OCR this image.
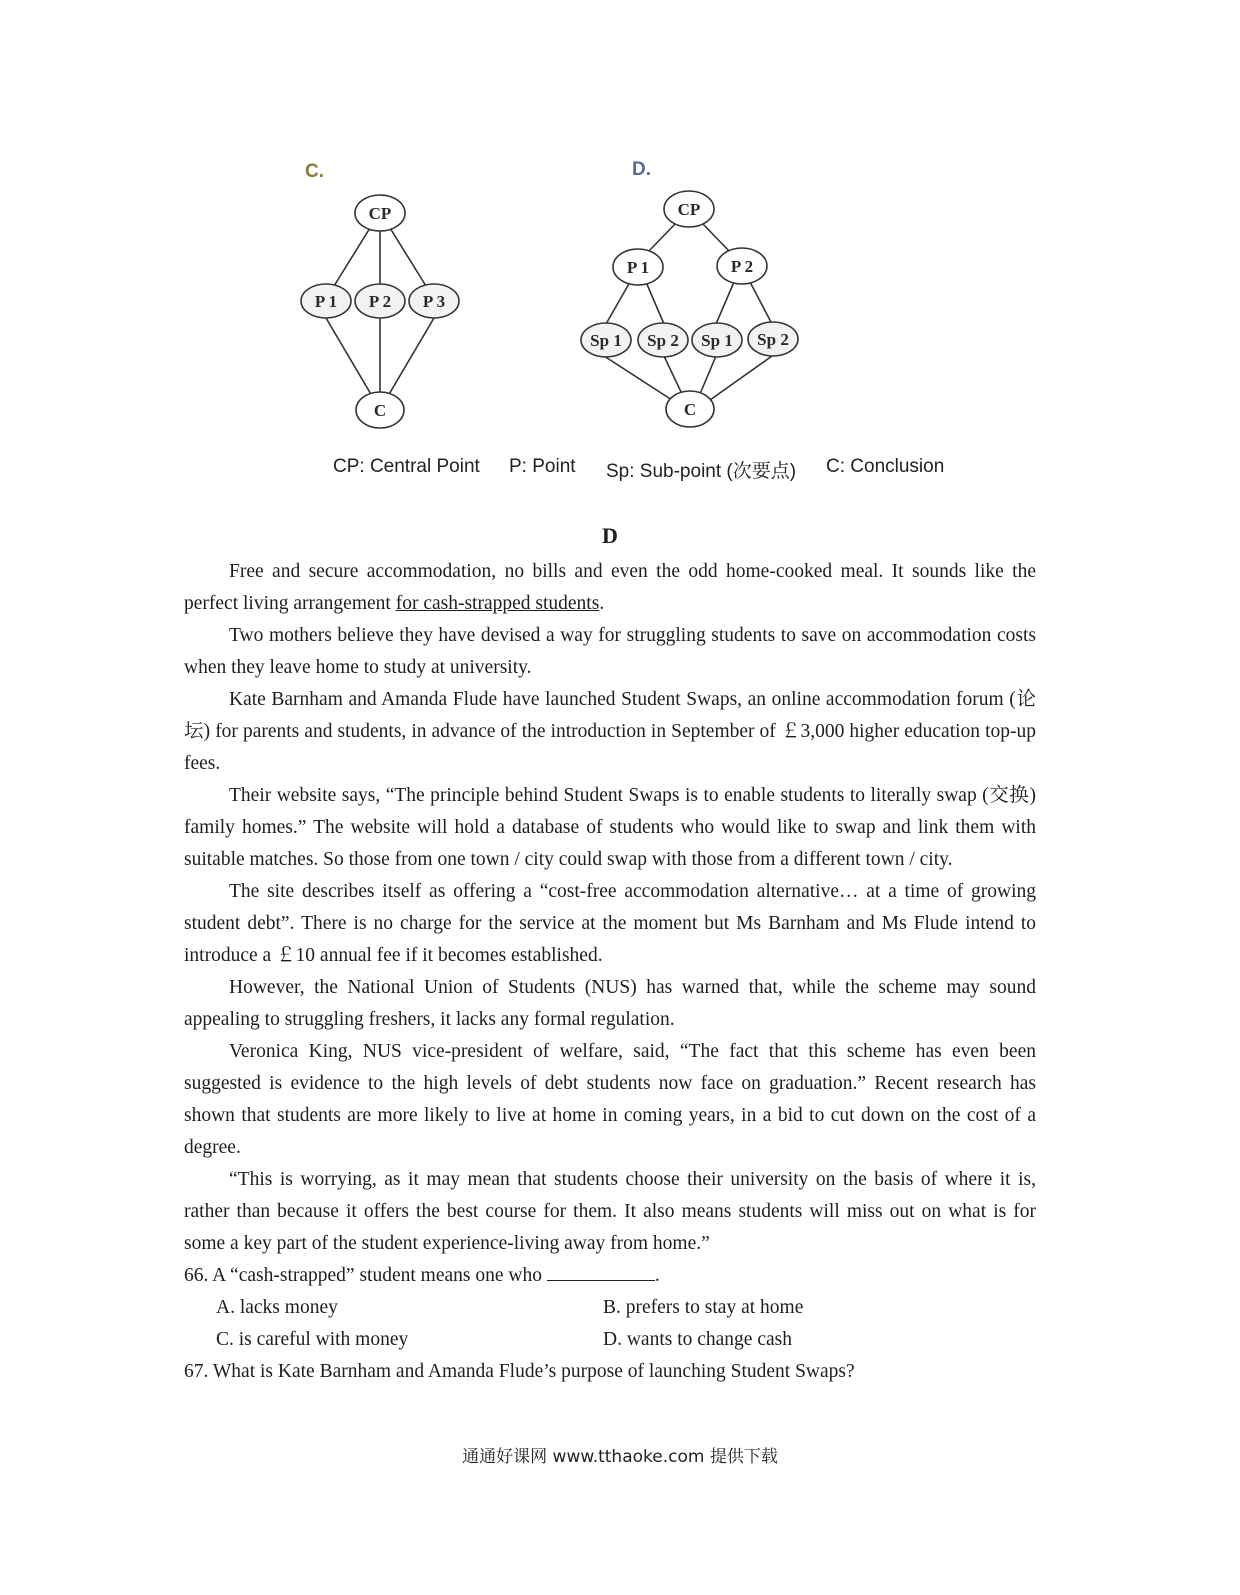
C.
CP
P 1 P 2 P 3
C
D.
CP
P 1	P 2
Sp 1 Sp 2 Sp 1 Sp 2
C
CP: Central Point P: Point Sp: Sub-point (次要点) C: Conclusion

D

Free and secure accommodation, no bills and even the odd home-cooked meal. It sounds like the perfect living arrangement for cash-strapped students.

Two mothers believe they have devised a way for struggling students to save on accommodation costs when they leave home to study at university.

Kate Barnham and Amanda Flude have launched Student Swaps, an online accommodation forum (论坛) for parents and students, in advance of the introduction in September of ￡3,000 higher education top-up fees.

Their website says, “The principle behind Student Swaps is to enable students to literally swap (交换) family homes.” The website will hold a database of students who would like to swap and link them with suitable matches. So those from one town / city could swap with those from a different town / city.

The site describes itself as offering a “cost-free accommodation alternative… at a time of growing student debt”. There is no charge for the service at the moment but Ms Barnham and Ms Flude intend to introduce a ￡10 annual fee if it becomes established.

However, the National Union of Students (NUS) has warned that, while the scheme may sound appealing to struggling freshers, it lacks any formal regulation.

Veronica King, NUS vice-president of welfare, said, “The fact that this scheme has even been suggested is evidence to the high levels of debt students now face on graduation.” Recent research has shown that students are more likely to live at home in coming years, in a bid to cut down on the cost of a degree.

“This is worrying, as it may mean that students choose their university on the basis of where it is, rather than because it offers the best course for them. It also means students will miss out on what is for some a key part of the student experience-living away from home.”

66. A “cash-strapped” student means one who	.

A. lacks money	B. prefers to stay at home
C. is careful with money	D. wants to change cash

67. What is Kate Barnham and Amanda Flude’s purpose of launching Student Swaps?

通通好课网 www.tthaoke.com 提供下载
